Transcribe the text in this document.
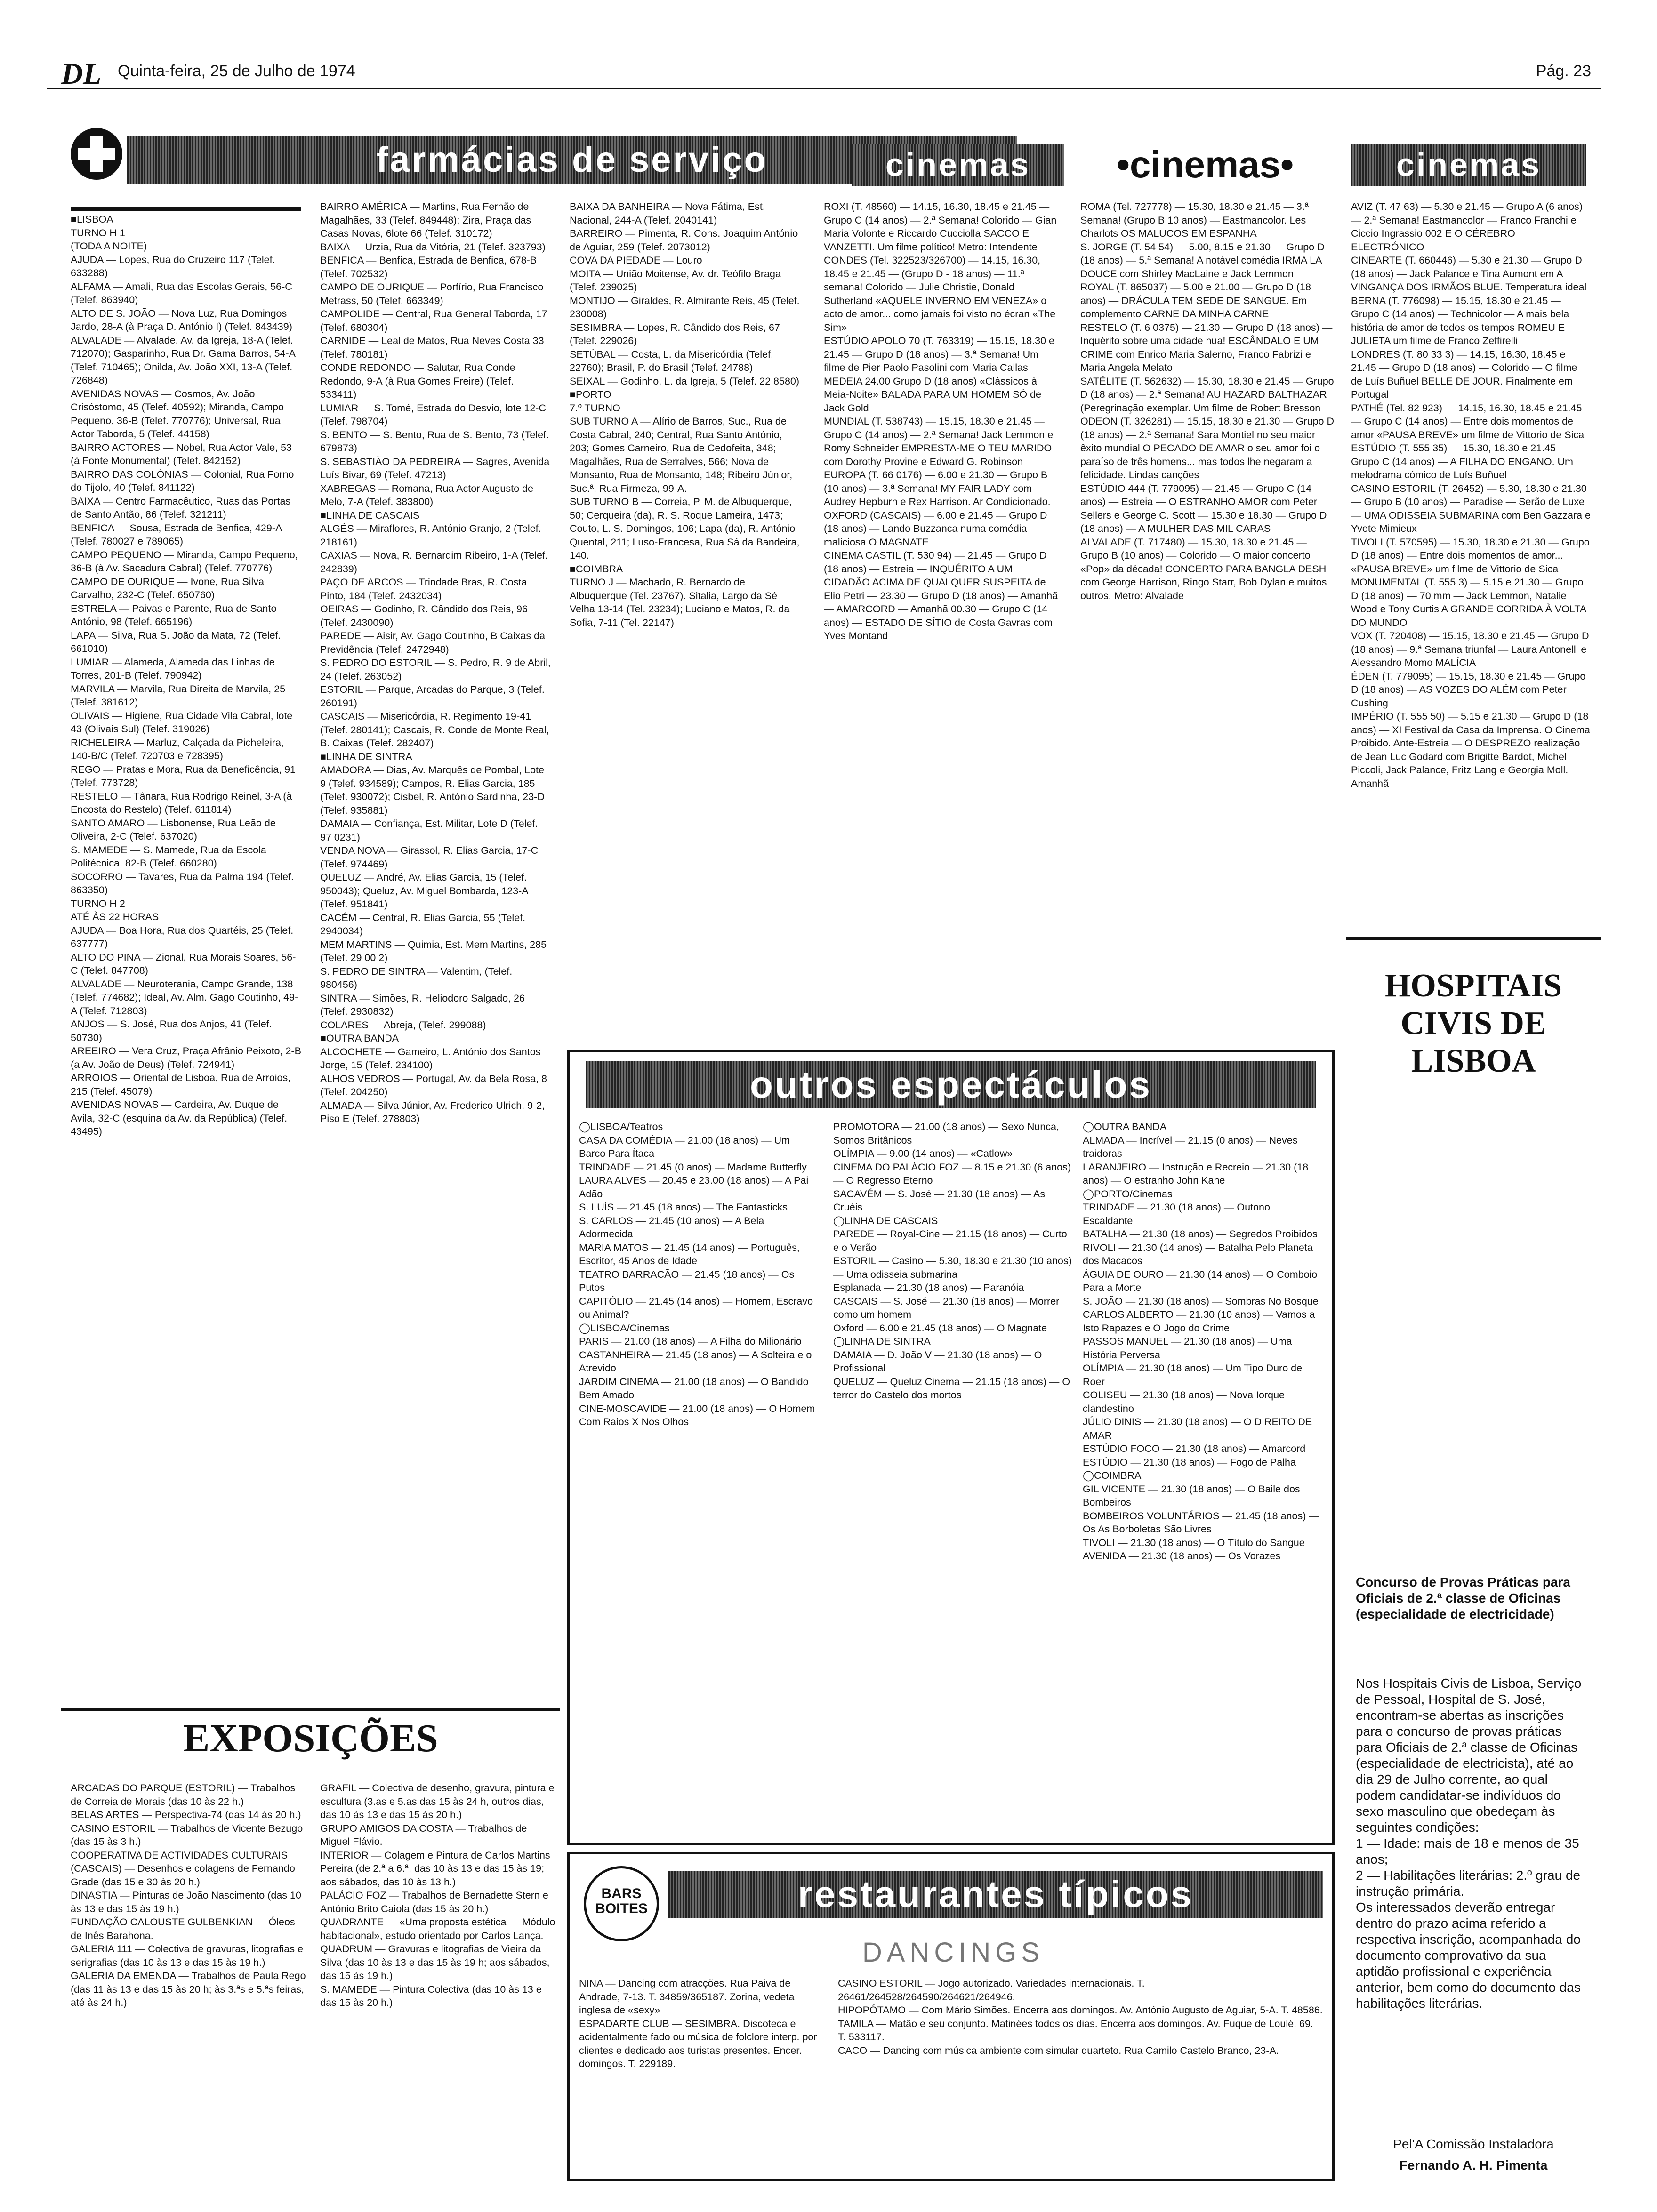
DL Quinta-feira, 25 de Julho de 1974	Pág. 23
farmácias de serviço	cinemas	•cinemas•	cinemas
■LISBOA
TURNO H 1
(TODA A NOITE)
AJUDA — Lopes, Rua do Cruzeiro 117 (Telef. 633288)
ALFAMA — Amali, Rua das Escolas Gerais, 56-C (Telef. 863940)
ALTO DE S. JOÃO — Nova Luz, Rua Domingos Jardo, 28-A (à Praça D. António I) (Telef. 843439)
ALVALADE — Alvalade, Av. da Igreja, 18-A (Telef. 712070); Gasparinho, Rua Dr. Gama Barros, 54-A (Telef. 710465); Onilda, Av. João XXI, 13-A (Telef. 726848)
AVENIDAS NOVAS — Cosmos, Av. João Crisóstomo, 45 (Telef. 40592); Miranda, Campo Pequeno, 36-B (Telef. 770776); Universal, Rua Actor Taborda, 5 (Telef. 44158)
BAIRRO ACTORES — Nobel, Rua Actor Vale, 53 (à Fonte Monumental) (Telef. 842152)
BAIRRO DAS COLÓNIAS — Colonial, Rua Forno do Tijolo, 40 (Telef. 841122)
BAIXA — Centro Farmacêutico, Ruas das Portas de Santo Antão, 86 (Telef. 321211)
BENFICA — Sousa, Estrada de Benfica, 429-A (Telef. 780027 e 789065)
CAMPO PEQUENO — Miranda, Campo Pequeno, 36-B (à Av. Sacadura Cabral) (Telef. 770776)
CAMPO DE OURIQUE — Ivone, Rua Silva Carvalho, 232-C (Telef. 650760)
ESTRELA — Paivas e Parente, Rua de Santo António, 98 (Telef. 665196)
LAPA — Silva, Rua S. João da Mata, 72 (Telef. 661010)
LUMIAR — Alameda, Alameda das Linhas de Torres, 201-B (Telef. 790942)
MARVILA — Marvila, Rua Direita de Marvila, 25 (Telef. 381612)
OLIVAIS — Higiene, Rua Cidade Vila Cabral, lote 43 (Olivais Sul) (Telef. 319026)
RICHELEIRA — Marluz, Calçada da Picheleira, 140-B/C (Telef. 720703 e 728395)
REGO — Pratas e Mora, Rua da Beneficência, 91 (Telef. 773728)
RESTELO — Tânara, Rua Rodrigo Reinel, 3-A (à Encosta do Restelo) (Telef. 611814)
SANTO AMARO — Lisbonense, Rua Leão de Oliveira, 2-C (Telef. 637020)
S. MAMEDE — S. Mamede, Rua da Escola Politécnica, 82-B (Telef. 660280)
SOCORRO — Tavares, Rua da Palma 194 (Telef. 863350)
TURNO H 2
ATÉ ÀS 22 HORAS
AJUDA — Boa Hora, Rua dos Quartéis, 25 (Telef. 637777)
ALTO DO PINA — Zional, Rua Morais Soares, 56-C (Telef. 847708)
ALVALADE — Neuroterania, Campo Grande, 138 (Telef. 774682); Ideal, Av. Alm. Gago Coutinho, 49-A (Telef. 712803)
ANJOS — S. José, Rua dos Anjos, 41 (Telef. 50730)
AREEIRO — Vera Cruz, Praça Afrânio Peixoto, 2-B (a Av. João de Deus) (Telef. 724941)
ARROIOS — Oriental de Lisboa, Rua de Arroios, 215 (Telef. 45079)
AVENIDAS NOVAS — Cardeira, Av. Duque de Avila, 32-C (esquina da Av. da República) (Telef. 43495)
BAIRRO AMÉRICA — Martins, Rua Fernão de Magalhães, 33 (Telef. 849448); Zira, Praça das Casas Novas, 6lote 66 (Telef. 310172)
BAIXA — Urzia, Rua da Vitória, 21 (Telef. 323793)
BENFICA — Benfica, Estrada de Benfica, 678-B (Telef. 702532)
CAMPO DE OURIQUE — Porfírio, Rua Francisco Metrass, 50 (Telef. 663349)
CAMPOLIDE — Central, Rua General Taborda, 17 (Telef. 680304)
CARNIDE — Leal de Matos, Rua Neves Costa 33 (Telef. 780181)
CONDE REDONDO — Salutar, Rua Conde Redondo, 9-A (à Rua Gomes Freire) (Telef. 533411)
LUMIAR — S. Tomé, Estrada do Desvio, lote 12-C (Telef. 798704)
S. BENTO — S. Bento, Rua de S. Bento, 73 (Telef. 679873)
S. SEBASTIÃO DA PEDREIRA — Sagres, Avenida Luís Bivar, 69 (Telef. 47213)
XABREGAS — Romana, Rua Actor Augusto de Melo, 7-A (Telef. 383800)
■LINHA DE CASCAIS
ALGÉS — Miraflores, R. António Granjo, 2 (Telef. 218161)
CAXIAS — Nova, R. Bernardim Ribeiro, 1-A (Telef. 242839)
PAÇO DE ARCOS — Trindade Bras, R. Costa Pinto, 184 (Telef. 2432034)
OEIRAS — Godinho, R. Cândido dos Reis, 96 (Telef. 2430090)
PAREDE — Aisir, Av. Gago Coutinho, B Caixas da Previdência (Telef. 2472948)
S. PEDRO DO ESTORIL — S. Pedro, R. 9 de Abril, 24 (Telef. 263052)
ESTORIL — Parque, Arcadas do Parque, 3 (Telef. 260191)
CASCAIS — Misericórdia, R. Regimento 19-41 (Telef. 280141); Cascais, R. Conde de Monte Real, B. Caixas (Telef. 282407)
■LINHA DE SINTRA
AMADORA — Dias, Av. Marquês de Pombal, Lote 9 (Telef. 934589); Campos, R. Elias Garcia, 185 (Telef. 930072); Cisbel, R. António Sardinha, 23-D (Telef. 935881)
DAMAIA — Confiança, Est. Militar, Lote D (Telef. 97 0231)
VENDA NOVA — Girassol, R. Elias Garcia, 17-C (Telef. 974469)
QUELUZ — André, Av. Elias Garcia, 15 (Telef. 950043); Queluz, Av. Miguel Bombarda, 123-A (Telef. 951841)
CACÉM — Central, R. Elias Garcia, 55 (Telef. 2940034)
MEM MARTINS — Quimia, Est. Mem Martins, 285 (Telef. 29 00 2)
S. PEDRO DE SINTRA — Valentim, (Telef. 980456)
SINTRA — Simões, R. Heliodoro Salgado, 26 (Telef. 2930832)
COLARES — Abreja, (Telef. 299088)
■OUTRA BANDA
ALCOCHETE — Gameiro, L. António dos Santos Jorge, 15 (Telef. 234100)
ALHOS VEDROS — Portugal, Av. da Bela Rosa, 8 (Telef. 204250)
ALMADA — Silva Júnior, Av. Frederico Ulrich, 9-2, Piso E (Telef. 278803)
BAIXA DA BANHEIRA — Nova Fátima, Est. Nacional, 244-A (Telef. 2040141)
BARREIRO — Pimenta, R. Cons. Joaquim António de Aguiar, 259 (Telef. 2073012)
COVA DA PIEDADE — Louro
MOITA — União Moitense, Av. dr. Teófilo Braga (Telef. 239025)
MONTIJO — Giraldes, R. Almirante Reis, 45 (Telef. 230008)
SESIMBRA — Lopes, R. Cândido dos Reis, 67 (Telef. 229026)
SETÚBAL — Costa, L. da Misericórdia (Telef. 22760); Brasil, P. do Brasil (Telef. 24788)
SEIXAL — Godinho, L. da Igreja, 5 (Telef. 22 8580)
■PORTO
7.º TURNO
SUB TURNO A — Alírio de Barros, Suc., Rua de Costa Cabral, 240; Central, Rua Santo António, 203; Gomes Carneiro, Rua de Cedofeita, 348; Magalhães, Rua de Serralves, 566; Nova de Monsanto, Rua de Monsanto, 148; Ribeiro Júnior, Suc.ª, Rua Firmeza, 99-A.
SUB TURNO B — Correia, P. M. de Albuquerque, 50; Cerqueira (da), R. S. Roque Lameira, 1473; Couto, L. S. Domingos, 106; Lapa (da), R. António Quental, 211; Luso-Francesa, Rua Sá da Bandeira, 140.
■COIMBRA
TURNO J — Machado, R. Bernardo de Albuquerque (Tel. 23767). Sitalia, Largo da Sé Velha 13-14 (Tel. 23234); Luciano e Matos, R. da Sofia, 7-11 (Tel. 22147)
ROXI (T. 48560) — 14.15, 16.30, 18.45 e 21.45 — Grupo C (14 anos) — 2.ª Semana! Colorido — Gian Maria Volonte e Riccardo Cucciolla SACCO E VANZETTI. Um filme político! Metro: Intendente
CONDES (Tel. 322523/326700) — 14.15, 16.30, 18.45 e 21.45 — (Grupo D - 18 anos) — 11.ª semana! Colorido — Julie Christie, Donald Sutherland «AQUELE INVERNO EM VENEZA» o acto de amor... como jamais foi visto no écran «The Sim»
ESTÚDIO APOLO 70 (T. 763319) — 15.15, 18.30 e 21.45 — Grupo D (18 anos) — 3.ª Semana! Um filme de Pier Paolo Pasolini com Maria Callas MEDEIA 24.00 Grupo D (18 anos) «Clássicos à Meia-Noite» BALADA PARA UM HOMEM SÓ de Jack Gold
MUNDIAL (T. 538743) — 15.15, 18.30 e 21.45 — Grupo C (14 anos) — 2.ª Semana! Jack Lemmon e Romy Schneider EMPRESTA-ME O TEU MARIDO com Dorothy Provine e Edward G. Robinson
EUROPA (T. 66 0176) — 6.00 e 21.30 — Grupo B (10 anos) — 3.ª Semana! MY FAIR LADY com Audrey Hepburn e Rex Harrison. Ar Condicionado.
OXFORD (CASCAIS) — 6.00 e 21.45 — Grupo D (18 anos) — Lando Buzzanca numa comédia maliciosa O MAGNATE
CINEMA CASTIL (T. 530 94) — 21.45 — Grupo D (18 anos) — Estreia — INQUÉRITO A UM CIDADÃO ACIMA DE QUALQUER SUSPEITA de Elio Petri — 23.30 — Grupo D (18 anos) — Amanhã — AMARCORD — Amanhã 00.30 — Grupo C (14 anos) — ESTADO DE SÍTIO de Costa Gavras com Yves Montand
ROMA (Tel. 727778) — 15.30, 18.30 e 21.45 — 3.ª Semana! (Grupo B 10 anos) — Eastmancolor. Les Charlots OS MALUCOS EM ESPANHA
S. JORGE (T. 54 54) — 5.00, 8.15 e 21.30 — Grupo D (18 anos) — 5.ª Semana! A notável comédia IRMA LA DOUCE com Shirley MacLaine e Jack Lemmon
ROYAL (T. 865037) — 5.00 e 21.00 — Grupo D (18 anos) — DRÁCULA TEM SEDE DE SANGUE. Em complemento CARNE DA MINHA CARNE
RESTELO (T. 6 0375) — 21.30 — Grupo D (18 anos) — Inquérito sobre uma cidade nua! ESCÂNDALO E UM CRIME com Enrico Maria Salerno, Franco Fabrizi e Maria Angela Melato
SATÉLITE (T. 562632) — 15.30, 18.30 e 21.45 — Grupo D (18 anos) — 2.ª Semana! AU HAZARD BALTHAZAR (Peregrinação exemplar. Um filme de Robert Bresson
ODEON (T. 326281) — 15.15, 18.30 e 21.30 — Grupo D (18 anos) — 2.ª Semana! Sara Montiel no seu maior êxito mundial O PECADO DE AMAR o seu amor foi o paraíso de três homens... mas todos lhe negaram a felicidade. Lindas canções
ESTÚDIO 444 (T. 779095) — 21.45 — Grupo C (14 anos) — Estreia — O ESTRANHO AMOR com Peter Sellers e George C. Scott — 15.30 e 18.30 — Grupo D (18 anos) — A MULHER DAS MIL CARAS
ALVALADE (T. 717480) — 15.30, 18.30 e 21.45 — Grupo B (10 anos) — Colorido — O maior concerto «Pop» da década! CONCERTO PARA BANGLA DESH com George Harrison, Ringo Starr, Bob Dylan e muitos outros. Metro: Alvalade
AVIZ (T. 47 63) — 5.30 e 21.45 — Grupo A (6 anos) — 2.ª Semana! Eastmancolor — Franco Franchi e Ciccio Ingrassio 002 E O CÉREBRO ELECTRÓNICO
CINEARTE (T. 660446) — 5.30 e 21.30 — Grupo D (18 anos) — Jack Palance e Tina Aumont em A VINGANÇA DOS IRMÃOS BLUE. Temperatura ideal
BERNA (T. 776098) — 15.15, 18.30 e 21.45 — Grupo C (14 anos) — Technicolor — A mais bela história de amor de todos os tempos ROMEU E JULIETA um filme de Franco Zeffirelli
LONDRES (T. 80 33 3) — 14.15, 16.30, 18.45 e 21.45 — Grupo D (18 anos) — Colorido — O filme de Luís Buñuel BELLE DE JOUR. Finalmente em Portugal
PATHÉ (Tel. 82 923) — 14.15, 16.30, 18.45 e 21.45 — Grupo C (14 anos) — Entre dois momentos de amor «PAUSA BREVE» um filme de Vittorio de Sica
ESTÚDIO (T. 555 35) — 15.30, 18.30 e 21.45 — Grupo C (14 anos) — A FILHA DO ENGANO. Um melodrama cómico de Luís Buñuel
CASINO ESTORIL (T. 26452) — 5.30, 18.30 e 21.30 — Grupo B (10 anos) — Paradise — Serão de Luxe — UMA ODISSEIA SUBMARINA com Ben Gazzara e Yvete Mimieux
TIVOLI (T. 570595) — 15.30, 18.30 e 21.30 — Grupo D (18 anos) — Entre dois momentos de amor... «PAUSA BREVE» um filme de Vittorio de Sica
MONUMENTAL (T. 555 3) — 5.15 e 21.30 — Grupo D (18 anos) — 70 mm — Jack Lemmon, Natalie Wood e Tony Curtis A GRANDE CORRIDA À VOLTA DO MUNDO
VOX (T. 720408) — 15.15, 18.30 e 21.45 — Grupo D (18 anos) — 9.ª Semana triunfal — Laura Antonelli e Alessandro Momo MALÍCIA
ÉDEN (T. 779095) — 15.15, 18.30 e 21.45 — Grupo D (18 anos) — AS VOZES DO ALÉM com Peter Cushing
IMPÉRIO (T. 555 50) — 5.15 e 21.30 — Grupo D (18 anos) — XI Festival da Casa da Imprensa. O Cinema Proibido. Ante-Estreia — O DESPREZO realização de Jean Luc Godard com Brigitte Bardot, Michel Piccoli, Jack Palance, Fritz Lang e Georgia Moll. Amanhã
outros espectáculos
◯LISBOA/Teatros
CASA DA COMÉDIA — 21.00 (18 anos) — Um Barco Para Ítaca
TRINDADE — 21.45 (0 anos) — Madame Butterfly
LAURA ALVES — 20.45 e 23.00 (18 anos) — A Pai Adão
S. LUÍS — 21.45 (18 anos) — The Fantasticks
S. CARLOS — 21.45 (10 anos) — A Bela Adormecida
MARIA MATOS — 21.45 (14 anos) — Português, Escritor, 45 Anos de Idade
TEATRO BARRACÃO — 21.45 (18 anos) — Os Putos
CAPITÓLIO — 21.45 (14 anos) — Homem, Escravo ou Animal?
◯LISBOA/Cinemas
PARIS — 21.00 (18 anos) — A Filha do Milionário
CASTANHEIRA — 21.45 (18 anos) — A Solteira e o Atrevido
JARDIM CINEMA — 21.00 (18 anos) — O Bandido Bem Amado
CINE-MOSCAVIDE — 21.00 (18 anos) — O Homem Com Raios X Nos Olhos
PROMOTORA — 21.00 (18 anos) — Sexo Nunca, Somos Britânicos
OLÍMPIA — 9.00 (14 anos) — «Catlow»
CINEMA DO PALÁCIO FOZ — 8.15 e 21.30 (6 anos) — O Regresso Eterno
SACAVÉM — S. José — 21.30 (18 anos) — As Cruéis
◯LINHA DE CASCAIS
PAREDE — Royal-Cine — 21.15 (18 anos) — Curto e o Verão
ESTORIL — Casino — 5.30, 18.30 e 21.30 (10 anos) — Uma odisseia submarina
Esplanada — 21.30 (18 anos) — Paranóia
CASCAIS — S. José — 21.30 (18 anos) — Morrer como um homem
Oxford — 6.00 e 21.45 (18 anos) — O Magnate
◯LINHA DE SINTRA
DAMAIA — D. João V — 21.30 (18 anos) — O Profissional
QUELUZ — Queluz Cinema — 21.15 (18 anos) — O terror do Castelo dos mortos
◯OUTRA BANDA
ALMADA — Incrível — 21.15 (0 anos) — Neves traidoras
LARANJEIRO — Instrução e Recreio — 21.30 (18 anos) — O estranho John Kane
◯PORTO/Cinemas
TRINDADE — 21.30 (18 anos) — Outono Escaldante
BATALHA — 21.30 (18 anos) — Segredos Proibidos
RIVOLI — 21.30 (14 anos) — Batalha Pelo Planeta dos Macacos
ÁGUIA DE OURO — 21.30 (14 anos) — O Comboio Para a Morte
S. JOÃO — 21.30 (18 anos) — Sombras No Bosque
CARLOS ALBERTO — 21.30 (10 anos) — Vamos a Isto Rapazes e O Jogo do Crime
PASSOS MANUEL — 21.30 (18 anos) — Uma História Perversa
OLÍMPIA — 21.30 (18 anos) — Um Tipo Duro de Roer
COLISEU — 21.30 (18 anos) — Nova Iorque clandestino
JÚLIO DINIS — 21.30 (18 anos) — O DIREITO DE AMAR
ESTÚDIO FOCO — 21.30 (18 anos) — Amarcord
ESTÚDIO — 21.30 (18 anos) — Fogo de Palha
◯COIMBRA
GIL VICENTE — 21.30 (18 anos) — O Baile dos Bombeiros
BOMBEIROS VOLUNTÁRIOS — 21.45 (18 anos) — Os As Borboletas São Livres
TIVOLI — 21.30 (18 anos) — O Título do Sangue
AVENIDA — 21.30 (18 anos) — Os Vorazes
BARS BOITES	restaurantes típicos
DANCINGS
NINA — Dancing com atracções. Rua Paiva de Andrade, 7-13. T. 34859/365187. Zorina, vedeta inglesa de «sexy»
ESPADARTE CLUB — SESIMBRA. Discoteca e acidentalmente fado ou música de folclore interp. por clientes e dedicado aos turistas presentes. Encer. domingos. T. 229189.
CASINO ESTORIL — Jogo autorizado. Variedades internacionais. T. 26461/264528/264590/264621/264946.
HIPOPÓTAMO — Com Mário Simões. Encerra aos domingos. Av. António Augusto de Aguiar, 5-A. T. 48586.
TAMILA — Matão e seu conjunto. Matinées todos os dias. Encerra aos domingos. Av. Fuque de Loulé, 69. T. 533117.
CACO — Dancing com música ambiente com simular quarteto. Rua Camilo Castelo Branco, 23-A.
EXPOSIÇÕES
ARCADAS DO PARQUE (ESTORIL) — Trabalhos de Correia de Morais (das 10 às 22 h.)
BELAS ARTES — Perspectiva-74 (das 14 às 20 h.)
CASINO ESTORIL — Trabalhos de Vicente Bezugo (das 15 às 3 h.)
COOPERATIVA DE ACTIVIDADES CULTURAIS (CASCAIS) — Desenhos e colagens de Fernando Grade (das 15 e 30 às 20 h.)
DINASTIA — Pinturas de João Nascimento (das 10 às 13 e das 15 às 19 h.)
FUNDAÇÃO CALOUSTE GULBENKIAN — Óleos de Inês Barahona.
GALERIA 111 — Colectiva de gravuras, litografias e serigrafias (das 10 às 13 e das 15 às 19 h.)
GALERIA DA EMENDA — Trabalhos de Paula Rego (das 11 às 13 e das 15 às 20 h; às 3.ªs e 5.ªs feiras, até às 24 h.)
GRAFIL — Colectiva de desenho, gravura, pintura e escultura (3.as e 5.as das 15 às 24 h, outros dias, das 10 às 13 e das 15 às 20 h.)
GRUPO AMIGOS DA COSTA — Trabalhos de Miguel Flávio.
INTERIOR — Colagem e Pintura de Carlos Martins Pereira (de 2.ª a 6.ª, das 10 às 13 e das 15 às 19; aos sábados, das 10 às 13 h.)
PALÁCIO FOZ — Trabalhos de Bernadette Stern e António Brito Caiola (das 15 às 20 h.)
QUADRANTE — «Uma proposta estética — Módulo habitacional», estudo orientado por Carlos Lança.
QUADRUM — Gravuras e litografias de Vieira da Silva (das 10 às 13 e das 15 às 19 h; aos sábados, das 15 às 19 h.)
S. MAMEDE — Pintura Colectiva (das 10 às 13 e das 15 às 20 h.)
HOSPITAIS CIVIS DE LISBOA
Concurso de Provas Práticas para Oficiais de 2.ª classe de Oficinas (especialidade de electricidade)
Nos Hospitais Civis de Lisboa, Serviço de Pessoal, Hospital de S. José, encontram-se abertas as inscrições para o concurso de provas práticas para Oficiais de 2.ª classe de Oficinas (especialidade de electricista), até ao dia 29 de Julho corrente, ao qual podem candidatar-se indivíduos do sexo masculino que obedeçam às seguintes condições:
1 — Idade: mais de 18 e menos de 35 anos;
2 — Habilitações literárias: 2.º grau de instrução primária.
Os interessados deverão entregar dentro do prazo acima referido a respectiva inscrição, acompanhada do documento comprovativo da sua aptidão profissional e experiência anterior, bem como do documento das habilitações literárias.
Pel'A Comissão Instaladora
Fernando A. H. Pimenta
